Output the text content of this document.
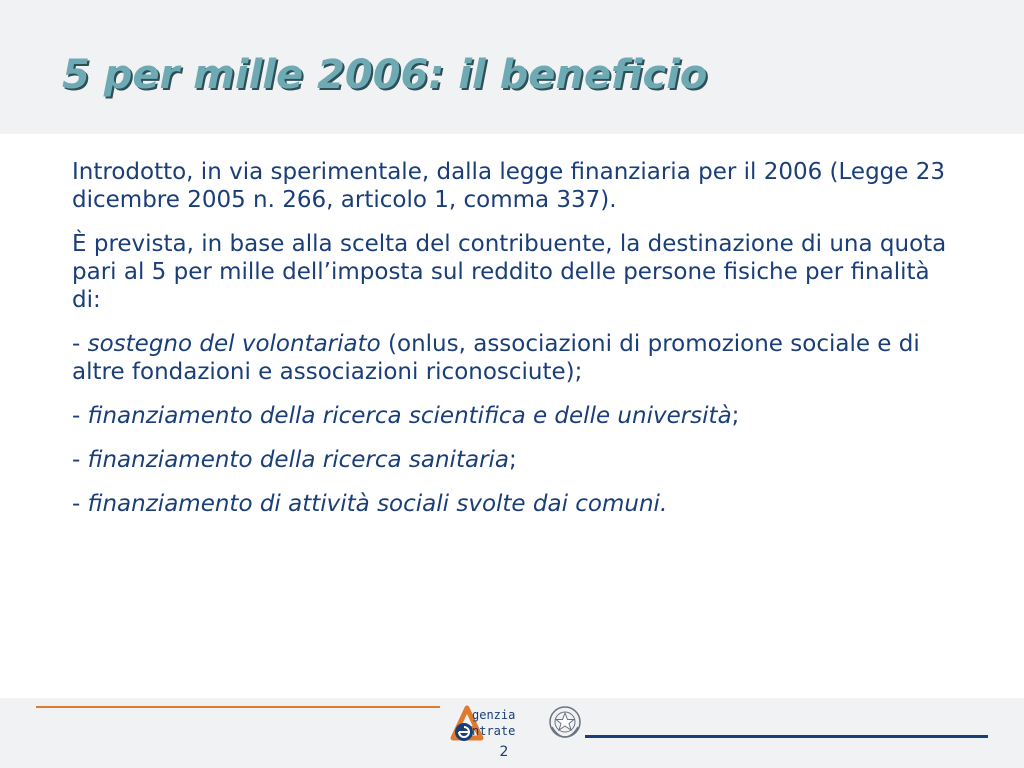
5 per mille 2006: il beneficio

Introdotto, in via sperimentale, dalla legge finanziaria per il 2006 (Legge 23 dicembre 2005 n. 266, articolo 1, comma 337).

È prevista, in base alla scelta del contribuente, la destinazione di una quota pari al 5 per mille dell’imposta sul reddito delle persone fisiche per finalità di:

- sostegno del volontariato (onlus, associazioni di promozione sociale e di altre fondazioni e associazioni riconosciute);

- finanziamento della ricerca scientifica e delle università;

- finanziamento della ricerca sanitaria;

- finanziamento di attività sociali svolte dai comuni.

genzia
ntrate
2
